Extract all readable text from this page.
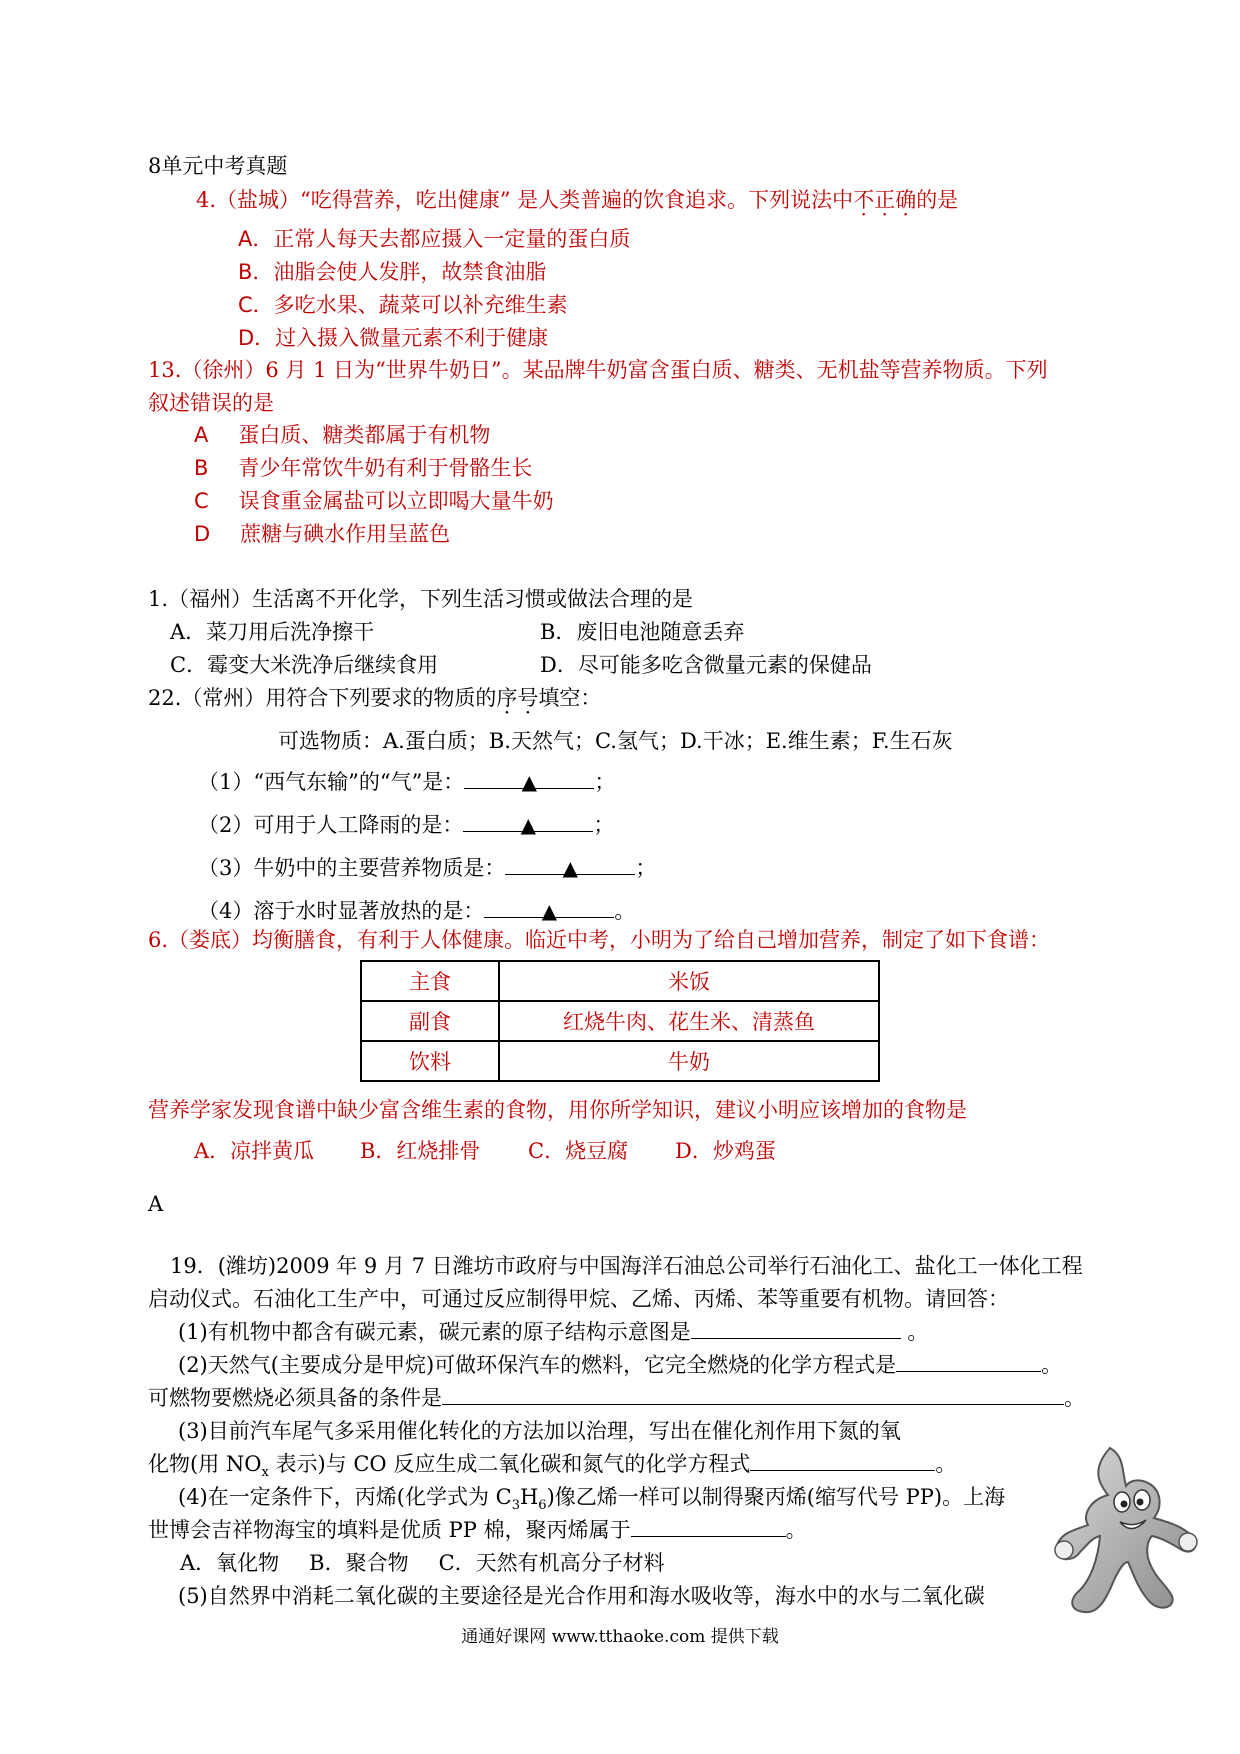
8单元中考真题
4.（盐城）“吃得营养，吃出健康” 是人类普遍的饮食追求。下列说法中不正确的是
A．正常人每天去都应摄入一定量的蛋白质
B．油脂会使人发胖，故禁食油脂
C．多吃水果、蔬菜可以补充维生素
D．过入摄入微量元素不利于健康
13.（徐州）6 月 1 日为“世界牛奶日”。某品牌牛奶富含蛋白质、糖类、无机盐等营养物质。下列
叙述错误的是
A 蛋白质、糖类都属于有机物
B 青少年常饮牛奶有利于骨骼生长
C 误食重金属盐可以立即喝大量牛奶
D 蔗糖与碘水作用呈蓝色
1.（福州）生活离不开化学，下列生活习惯或做法合理的是
A．菜刀用后洗净擦干	B．废旧电池随意丢弃
C．霉变大米洗净后继续食用	D．尽可能多吃含微量元素的保健品
22.（常州）用符合下列要求的物质的序号填空：
可选物质：A.蛋白质；B.天然气；C.氢气；D.干冰；E.维生素；F.生石灰
（1）“西气东输”的“气”是：	▲	；
（2）可用于人工降雨的是：	▲	；
（3）牛奶中的主要营养物质是：	▲	；
（4）溶于水时显著放热的是：	▲	。
6.（娄底）均衡膳食，有利于人体健康。临近中考，小明为了给自己增加营养，制定了如下食谱：
主食	米饭
副食	红烧牛肉、花生米、清蒸鱼
饮料	牛奶
营养学家发现食谱中缺少富含维生素的食物，用你所学知识，建议小明应该增加的食物是
A．凉拌黄瓜 B．红烧排骨 C．烧豆腐 D．炒鸡蛋
A
19．(潍坊)2009 年 9 月 7 日潍坊市政府与中国海洋石油总公司举行石油化工、盐化工一体化工程
启动仪式。石油化工生产中，可通过反应制得甲烷、乙烯、丙烯、苯等重要有机物。请回答：
(1)有机物中都含有碳元素，碳元素的原子结构示意图是	。
(2)天然气(主要成分是甲烷)可做环保汽车的燃料，它完全燃烧的化学方程式是	。
可燃物要燃烧必须具备的条件是	。
(3)目前汽车尾气多采用催化转化的方法加以治理，写出在催化剂作用下氮的氧
化物(用 $NO_x$ 表示)与 CO 反应生成二氧化碳和氮气的化学方程式	。
(4)在一定条件下，丙烯(化学式为 $C_3H_6$)像乙烯一样可以制得聚丙烯(缩写代号 PP)。上海
世博会吉祥物海宝的填料是优质 PP 棉，聚丙烯属于	。
A．氧化物 B．聚合物 C．天然有机高分子材料
(5)自然界中消耗二氧化碳的主要途径是光合作用和海水吸收等，海水中的水与二氧化碳
通通好课网 www.tthaoke.com 提供下载
